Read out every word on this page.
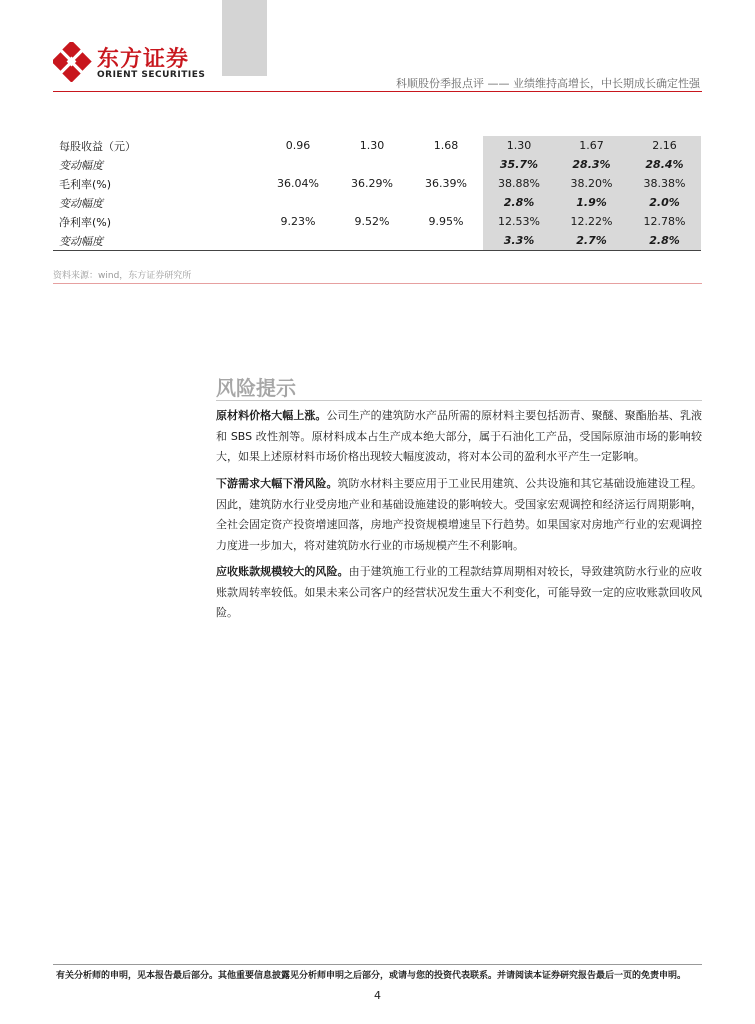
东方证券
ORIENT SECURITIES
科顺股份季报点评 —— 业绩维持高增长，中长期成长确定性强
每股收益（元）	0.96	1.30	1.68	1.30	1.67	2.16
变动幅度				35.7%	28.3%	28.4%
毛利率(%)	36.04%	36.29%	36.39%	38.88%	38.20%	38.38%
变动幅度				2.8%	1.9%	2.0%
净利率(%)	9.23%	9.52%	9.95%	12.53%	12.22%	12.78%
变动幅度				3.3%	2.7%	2.8%
资料来源：wind，东方证券研究所
风险提示
原材料价格大幅上涨。公司生产的建筑防水产品所需的原材料主要包括沥青、聚醚、聚酯胎基、乳液和 SBS 改性剂等。原材料成本占生产成本绝大部分，属于石油化工产品，受国际原油市场的影响较大，如果上述原材料市场价格出现较大幅度波动，将对本公司的盈利水平产生一定影响。
下游需求大幅下滑风险。筑防水材料主要应用于工业民用建筑、公共设施和其它基础设施建设工程。因此，建筑防水行业受房地产业和基础设施建设的影响较大。受国家宏观调控和经济运行周期影响，全社会固定资产投资增速回落，房地产投资规模增速呈下行趋势。如果国家对房地产行业的宏观调控力度进一步加大，将对建筑防水行业的市场规模产生不利影响。
应收账款规模较大的风险。由于建筑施工行业的工程款结算周期相对较长，导致建筑防水行业的应收账款周转率较低。如果未来公司客户的经营状况发生重大不利变化，可能导致一定的应收账款回收风险。
有关分析师的申明，见本报告最后部分。其他重要信息披露见分析师申明之后部分，或请与您的投资代表联系。并请阅读本证券研究报告最后一页的免责申明。
4
